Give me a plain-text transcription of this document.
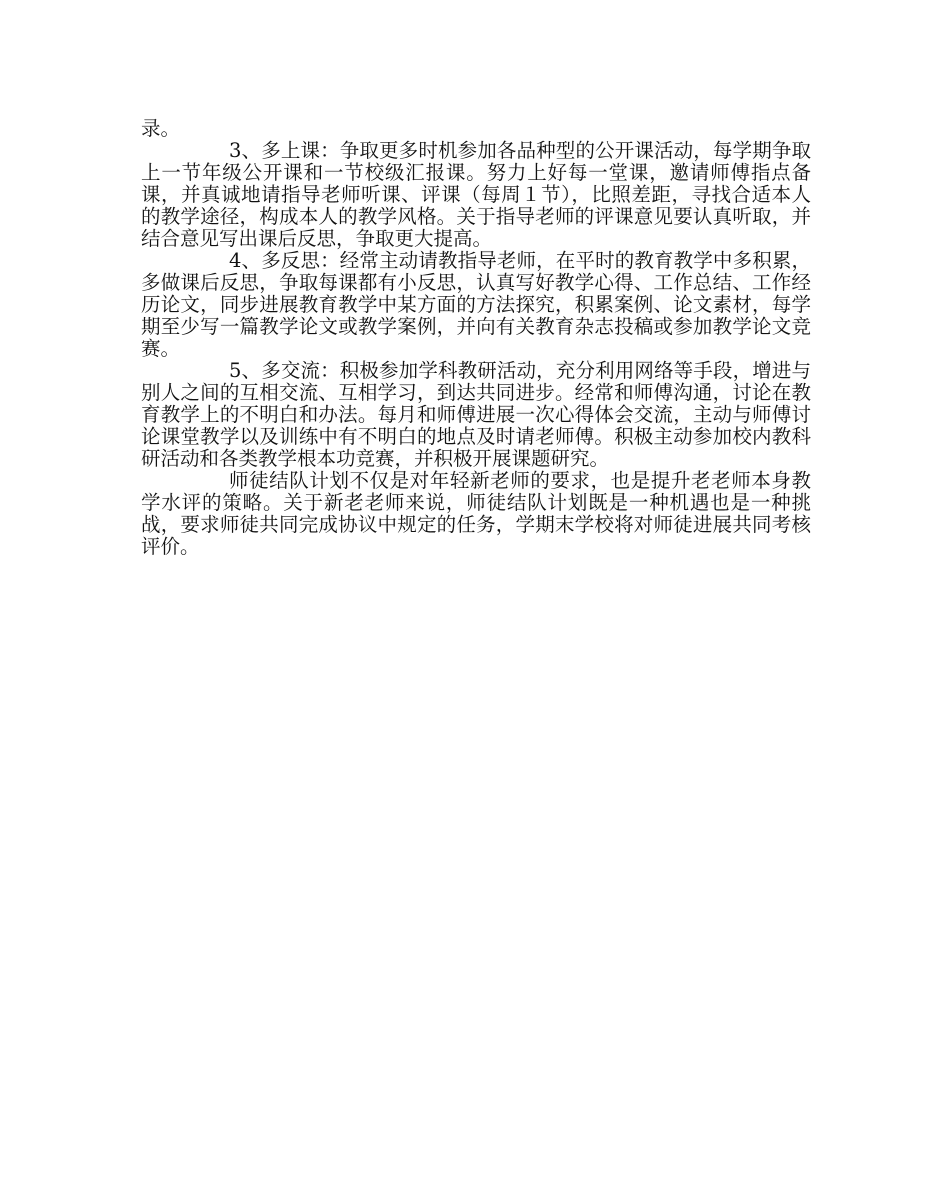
录。

3、多上课：争取更多时机参加各品种型的公开课活动，每学期争取上一节年级公开课和一节校级汇报课。努力上好每一堂课，邀请师傅指点备课，并真诚地请指导老师听课、评课（每周１节），比照差距，寻找合适本人的教学途径，构成本人的教学风格。关于指导老师的评课意见要认真听取，并结合意见写出课后反思，争取更大提高。

4、多反思：经常主动请教指导老师，在平时的教育教学中多积累，多做课后反思，争取每课都有小反思，认真写好教学心得、工作总结、工作经历论文，同步进展教育教学中某方面的方法探究，积累案例、论文素材，每学期至少写一篇教学论文或教学案例，并向有关教育杂志投稿或参加教学论文竞赛。

5、多交流：积极参加学科教研活动，充分利用网络等手段，增进与别人之间的互相交流、互相学习，到达共同进步。经常和师傅沟通，讨论在教育教学上的不明白和办法。每月和师傅进展一次心得体会交流，主动与师傅讨论课堂教学以及训练中有不明白的地点及时请老师傅。积极主动参加校内教科研活动和各类教学根本功竞赛，并积极开展课题研究。

师徒结队计划不仅是对年轻新老师的要求，也是提升老老师本身教学水评的策略。关于新老老师来说，师徒结队计划既是一种机遇也是一种挑战，要求师徒共同完成协议中规定的任务，学期末学校将对师徒进展共同考核评价。
